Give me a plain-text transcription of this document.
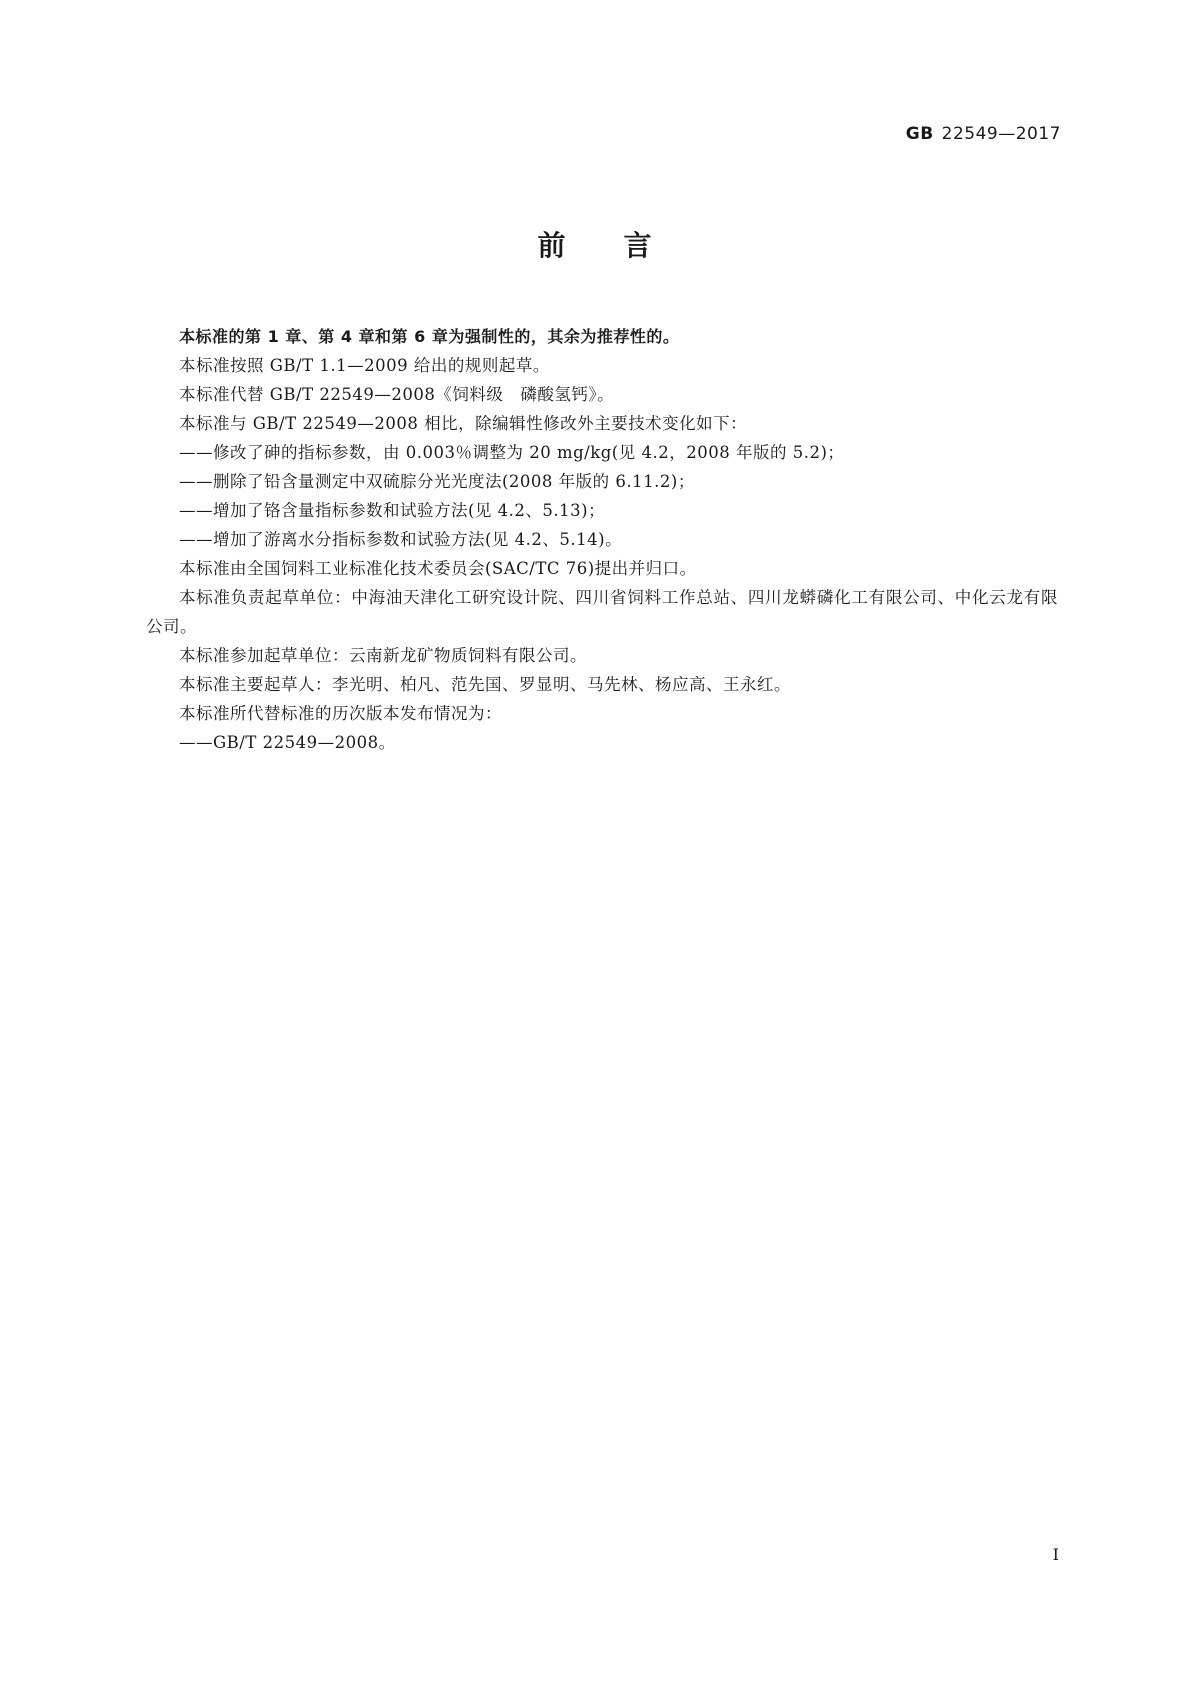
GB 22549—2017
前 言

本标准的第 1 章、第 4 章和第 6 章为强制性的，其余为推荐性的。

本标准按照 GB/T 1.1—2009 给出的规则起草。

本标准代替 GB/T 22549—2008《饲料级　磷酸氢钙》。

本标准与 GB/T 22549—2008 相比，除编辑性修改外主要技术变化如下：

——修改了砷的指标参数，由 0.003％调整为 20 mg/kg(见 4.2，2008 年版的 5.2)；

——删除了铅含量测定中双硫腙分光光度法(2008 年版的 6.11.2)；

——增加了铬含量指标参数和试验方法(见 4.2、5.13)；

——增加了游离水分指标参数和试验方法(见 4.2、5.14)。

本标准由全国饲料工业标准化技术委员会(SAC/TC 76)提出并归口。

本标准负责起草单位：中海油天津化工研究设计院、四川省饲料工作总站、四川龙蟒磷化工有限公司、中化云龙有限公司。

本标准参加起草单位：云南新龙矿物质饲料有限公司。

本标准主要起草人：李光明、柏凡、范先国、罗显明、马先林、杨应高、王永红。

本标准所代替标准的历次版本发布情况为：

——GB/T 22549—2008。

I
